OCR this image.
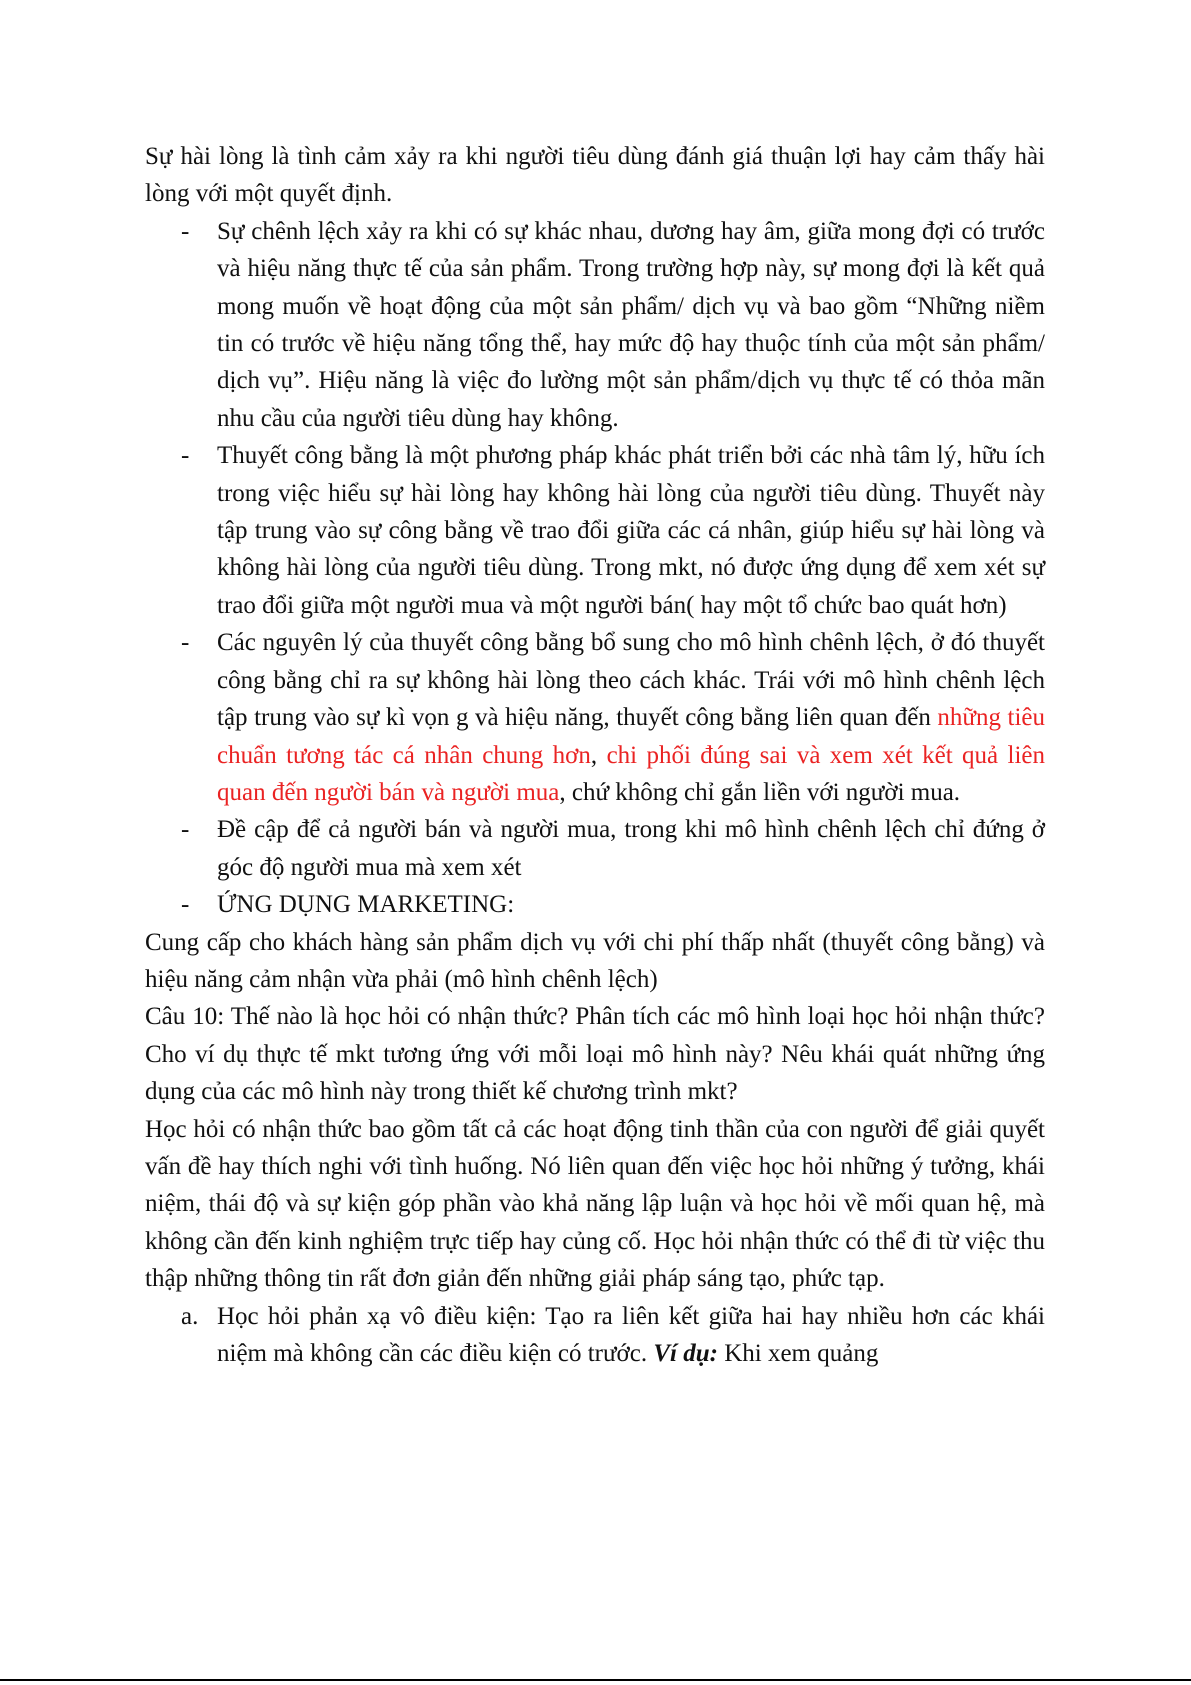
Sự hài lòng là tình cảm xảy ra khi người tiêu dùng đánh giá thuận lợi hay cảm thấy hài lòng với một quyết định.

- Sự chênh lệch xảy ra khi có sự khác nhau, dương hay âm, giữa mong đợi có trước và hiệu năng thực tế của sản phẩm. Trong trường hợp này, sự mong đợi là kết quả mong muốn về hoạt động của một sản phẩm/ dịch vụ và bao gồm “Những niềm tin có trước về hiệu năng tổng thể, hay mức độ hay thuộc tính của một sản phẩm/ dịch vụ”. Hiệu năng là việc đo lường một sản phẩm/dịch vụ thực tế có thỏa mãn nhu cầu của người tiêu dùng hay không.
- Thuyết công bằng là một phương pháp khác phát triển bởi các nhà tâm lý, hữu ích trong việc hiểu sự hài lòng hay không hài lòng của người tiêu dùng. Thuyết này tập trung vào sự công bằng về trao đổi giữa các cá nhân, giúp hiểu sự hài lòng và không hài lòng của người tiêu dùng. Trong mkt, nó được ứng dụng để xem xét sự trao đổi giữa một người mua và một người bán( hay một tổ chức bao quát hơn)
- Các nguyên lý của thuyết công bằng bổ sung cho mô hình chênh lệch, ở đó thuyết công bằng chỉ ra sự không hài lòng theo cách khác. Trái với mô hình chênh lệch tập trung vào sự kì vọn g và hiệu năng, thuyết công bằng liên quan đến những tiêu chuẩn tương tác cá nhân chung hơn, chi phối đúng sai và xem xét kết quả liên quan đến người bán và người mua, chứ không chỉ gắn liền với người mua.
- Đề cập để cả người bán và người mua, trong khi mô hình chênh lệch chỉ đứng ở góc độ người mua mà xem xét
- ỨNG DỤNG MARKETING:

Cung cấp cho khách hàng sản phẩm dịch vụ với chi phí thấp nhất (thuyết công bằng) và hiệu năng cảm nhận vừa phải (mô hình chênh lệch)

Câu 10: Thế nào là học hỏi có nhận thức? Phân tích các mô hình loại học hỏi nhận thức? Cho ví dụ thực tế mkt tương ứng với mỗi loại mô hình này? Nêu khái quát những ứng dụng của các mô hình này trong thiết kế chương trình mkt?

Học hỏi có nhận thức bao gồm tất cả các hoạt động tinh thần của con người để giải quyết vấn đề hay thích nghi với tình huống. Nó liên quan đến việc học hỏi những ý tưởng, khái niệm, thái độ và sự kiện góp phần vào khả năng lập luận và học hỏi về mối quan hệ, mà không cần đến kinh nghiệm trực tiếp hay củng cố. Học hỏi nhận thức có thể đi từ việc thu thập những thông tin rất đơn giản đến những giải pháp sáng tạo, phức tạp.

a. Học hỏi phản xạ vô điều kiện: Tạo ra liên kết giữa hai hay nhiều hơn các khái niệm mà không cần các điều kiện có trước. Ví dụ: Khi xem quảng
